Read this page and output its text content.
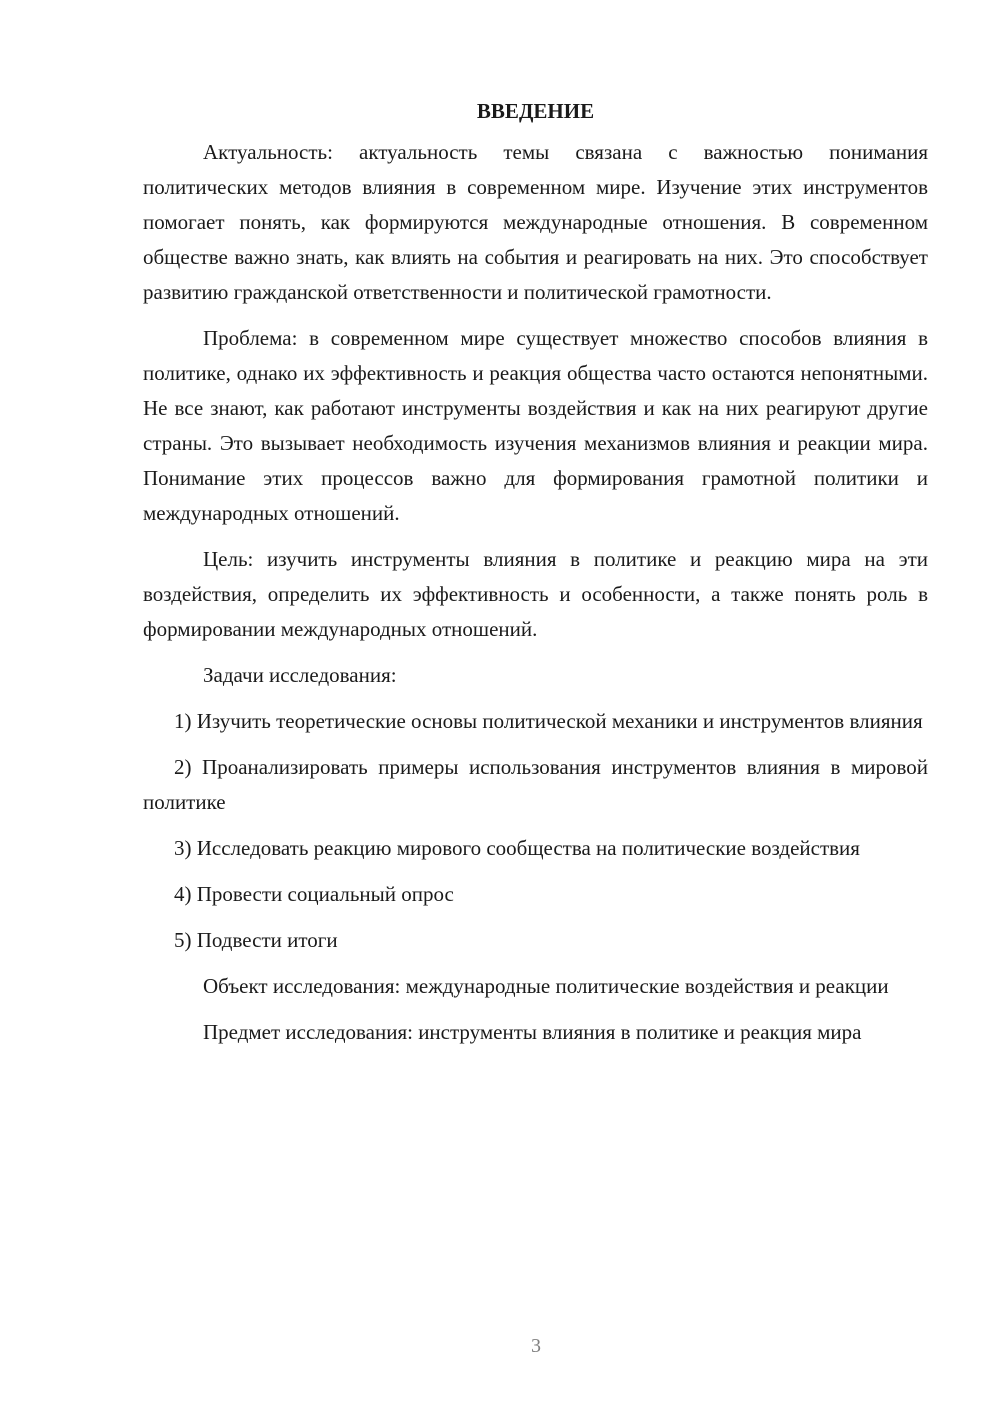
ВВЕДЕНИЕ

Актуальность: актуальность темы связана с важностью понимания политических методов влияния в современном мире. Изучение этих инструментов помогает понять, как формируются международные отношения. В современном обществе важно знать, как влиять на события и реагировать на них. Это способствует развитию гражданской ответственности и политической грамотности.

Проблема: в современном мире существует множество способов влияния в политике, однако их эффективность и реакция общества часто остаются непонятными. Не все знают, как работают инструменты воздействия и как на них реагируют другие страны. Это вызывает необходимость изучения механизмов влияния и реакции мира. Понимание этих процессов важно для формирования грамотной политики и международных отношений.

Цель: изучить инструменты влияния в политике и реакцию мира на эти воздействия, определить их эффективность и особенности, а также понять роль в формировании международных отношений.

Задачи исследования:

1) Изучить теоретические основы политической механики и инструментов влияния

2) Проанализировать примеры использования инструментов влияния в мировой политике

3) Исследовать реакцию мирового сообщества на политические воздействия

4) Провести социальный опрос

5) Подвести итоги

Объект исследования: международные политические воздействия и реакции

Предмет исследования: инструменты влияния в политике и реакция мира

3
